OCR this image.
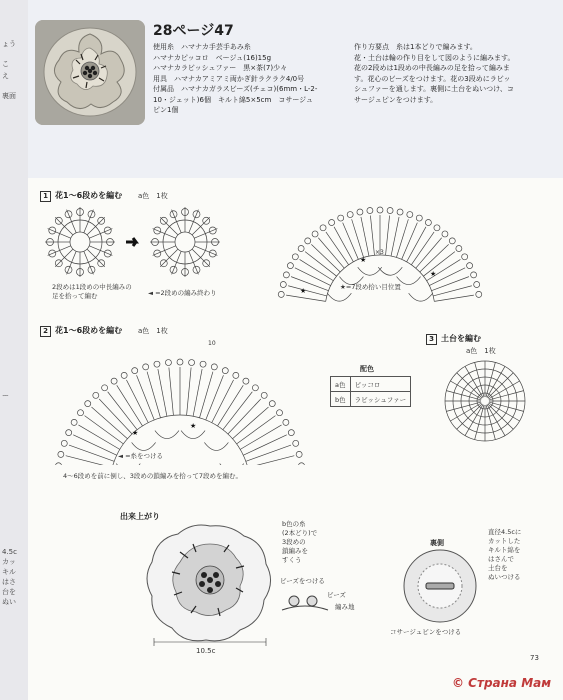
ょう
こ
え
裏面
ー
4.5c
カッ
キル
はさ
台を
ぬい
28ページ47
使用糸　ハマナカ手芸手あみ糸
ハマナカピッコロ　ベージュ(16)15g
ハマナカラビッシュファー　黒×茶(7)少々
用具　ハマナカアミアミ両かぎ針ラクラク4/0号
付属品　ハマナカガラスビーズ(チェコ)(6mm・L-2-
10・ジェット)6個　キルト綿5×5cm　コサージュ
ピン1個
作り方要点　糸は1本どりで編みます。
花・土台は輪の作り目をして図のように編みます。
花の2段めは1段めの中長編みの足を拾って編みま
す。花心のビーズをつけます。花の3段めにラビッ
シュファーを通します。裏側に土台をぬいつけ、コ
サージュピンをつけます。
1 花1～6段めを編む a色　1枚
×3
★
★
★
2段めは1段めの中長編みの
足を拾って編む	◄ =2段めの編み終わり
★=7段め拾い目位置
2 花1～6段めを編む a色　1枚
10
★
★
◄ =糸をつける
4～6段めを前に倒し、3段めの鎖編みを拾って7段めを編む。
配色
a色	ピッコロ
b色	ラビッシュファー
3 土台を編む
a色　1枚
出来上がり
10.5c
b色の糸
(2本どり)で
3段めの
鎖編みを
すくう
ビーズをつける
ビーズ
編み地
裏側
直径4.5cに
カットした
キルト綿を
はさんで
土台を
ぬいつける
コサージュピンをつける
73
© Страна Мам
